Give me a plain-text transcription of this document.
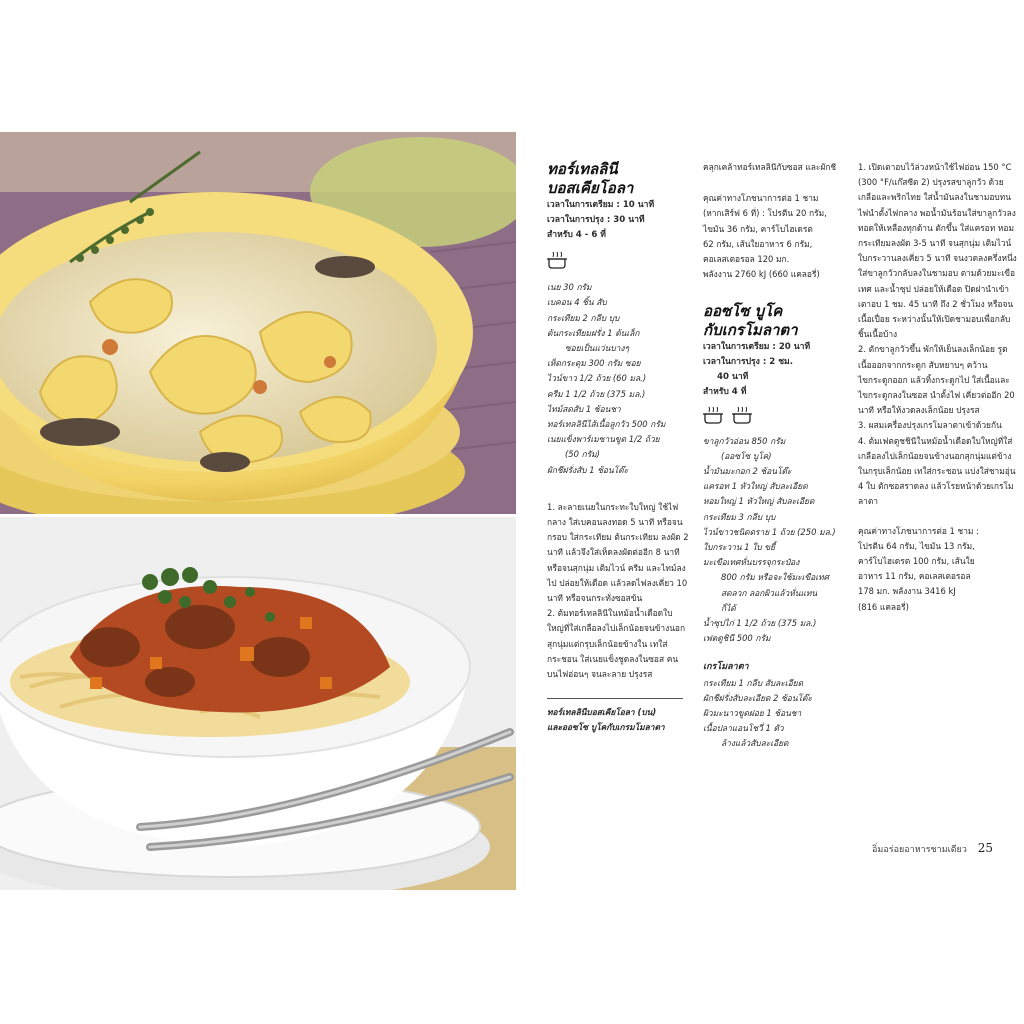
ทอร์เทลลินี

บอสเคียโอลา

เวลาในการเตรียม : 10 นาที

เวลาในการปรุง : 30 นาที

สำหรับ 4 - 6 ที่

เนย 30 กรัม

เบคอน 4 ชิ้น สับ

กระเทียม 2 กลีบ บุบ

ต้นกระเทียมฝรั่ง 1 ต้นเล็ก

ซอยเป็นแว่นบางๆ

เห็ดกระดุม 300 กรัม ซอย

ไวน์ขาว 1/2 ถ้วย (60 มล.)

ครีม 1 1/2 ถ้วย (375 มล.)

ไทม์สดสับ 1 ช้อนชา

ทอร์เทลลินีไส้เนื้อลูกวัว 500 กรัม

เนยแข็งพาร์เมซานขูด 1/2 ถ้วย

(50 กรัม)

ผักชีฝรั่งสับ 1 ช้อนโต๊ะ

1. ละลายเนยในกระทะใบใหญ่ ใช้ไฟกลาง ใส่เบคอนลงทอด 5 นาที หรือจนกรอบ ใส่กระเทียม ต้นกระเทียม ลงผัด 2 นาที แล้วจึงใส่เห็ดลงผัดต่ออีก 8 นาที หรือจนสุกนุ่ม เติมไวน์ ครีม และไทม์ลงไป ปล่อยให้เดือด แล้วลดไฟลงเคี่ยว 10 นาที หรือจนกระทั่งซอสข้น

2. ต้มทอร์เทลลินีในหม้อน้ำเดือดใบใหญ่ที่ใส่เกลือลงไปเล็กน้อยจนข้างนอกสุกนุ่มแต่กรุบเล็กน้อยข้างใน เทใส่กระชอน ใส่เนยแข็งชูดลงในซอส คนบนไฟอ่อนๆ จนละลาย ปรุงรส

ทอร์เทลลินีบอสเคียโอลา (บน)

และออซโซ บูโคกับเกรมโมลาตา

คลุกเคล้าทอร์เทลลินีกับซอส และผักชี

คุณค่าทางโภชนาการต่อ 1 ชาม

(หากเสิร์ฟ 6 ที่) : โปรตีน 20 กรัม,

ไขมัน 36 กรัม, คาร์โบไฮเดรต

62 กรัม, เส้นใยอาหาร 6 กรัม,

คอเลสเตอรอล 120 มก.

พลังงาน 2760 kJ (660 แคลอรี่)

ออซโซ บูโค

กับเกรโมลาตา

เวลาในการเตรียม : 20 นาที

เวลาในการปรุง : 2 ชม.

40 นาที

สำหรับ 4 ที่

ขาลูกวัวอ่อน 850 กรัม

(ออซโซ บูโค)

น้ำมันมะกอก 2 ช้อนโต๊ะ

แครอท 1 หัวใหญ่ สับละเอียด

หอมใหญ่ 1 หัวใหญ่ สับละเอียด

กระเทียม 3 กลีบ บุบ

ไวน์ขาวชนิดดราย 1 ถ้วย (250 มล.)

ใบกระวาน 1 ใบ ขยี้

มะเขือเทศหั่นบรรจุกระป๋อง

800 กรัม หรือจะใช้มะเขือเทศ

สดลวก ลอกผิวแล้วหั่นแทน

ก็ได้

น้ำซุปไก่ 1 1/2 ถ้วย (375 มล.)

เฟตตูชินี 500 กรัม

เกรโมลาตา

กระเทียม 1 กลีบ สับละเอียด

ผักชีฝรั่งสับละเอียด 2 ช้อนโต๊ะ

ผิวมะนาวขูดฝอย 1 ช้อนชา

เนื้อปลาแอนโชวี่ 1 ตัว

ล้างแล้วสับละเอียด

1. เปิดเตาอบไว้ล่วงหน้าใช้ไฟอ่อน 150 °C (300 °F/แก๊สซีต 2) ปรุงรสขาลูกวัว ด้วยเกลือและพริกไทย ใส่น้ำมันลงในชามอบทนไฟนำตั้งไฟกลาง พอน้ำมันร้อนใส่ขาลูกวัวลงทอดให้เหลืองทุกด้าน ตักขึ้น ใส่แครอท หอม กระเทียมลงผัด 3-5 นาที จนสุกนุ่ม เติมไวน์ ใบกระวานลงเคี่ยว 5 นาที จนงวดลงครึ่งหนึ่ง ใส่ขาลูกวัวกลับลงในชามอบ ตามด้วยมะเขือเทศ และน้ำซุป ปล่อยให้เดือด ปิดฝานำเข้าเตาอบ 1 ชม. 45 นาที ถึง 2 ชั่วโมง หรือจนเนื้อเปื่อย ระหว่างนั้นให้เปิดชามอบเพื่อกลับชิ้นเนื้อบ้าง

2. ตักขาลูกวัวขึ้น พักให้เย็นลงเล็กน้อย รูดเนื้อออกจากกระดูก สับหยาบๆ คว้านไขกระดูกออก แล้วทิ้งกระดูกไป ใส่เนื้อและไขกระดูกลงในซอส นำตั้งไฟ เคี่ยวต่ออีก 20 นาที หรือให้งวดลงเล็กน้อย ปรุงรส

3. ผสมเครื่องปรุงเกรโมลาตาเข้าด้วยกัน

4. ต้มเฟตตูชชินีในหม้อน้ำเดือดใบใหญ่ที่ใส่เกลือลงไปเล็กน้อยจนข้างนอกสุกนุ่มแต่ข้างในกรุบเล็กน้อย เทใส่กระชอน แบ่งใส่ชามอุ่น 4 ใบ ตักซอสราดลง แล้วโรยหน้าด้วยเกรโมลาตา

คุณค่าทางโภชนาการต่อ 1 ชาม :

โปรตีน 64 กรัม, ไขมัน 13 กรัม,

คาร์โบไฮเดรต 100 กรัม, เส้นใย

อาหาร 11 กรัม, คอเลสเตอรอล

178 มก. พลังงาน 3416 kJ

(816 แคลอรี่)

อิ่มอร่อยอาหารชามเดียว 25
